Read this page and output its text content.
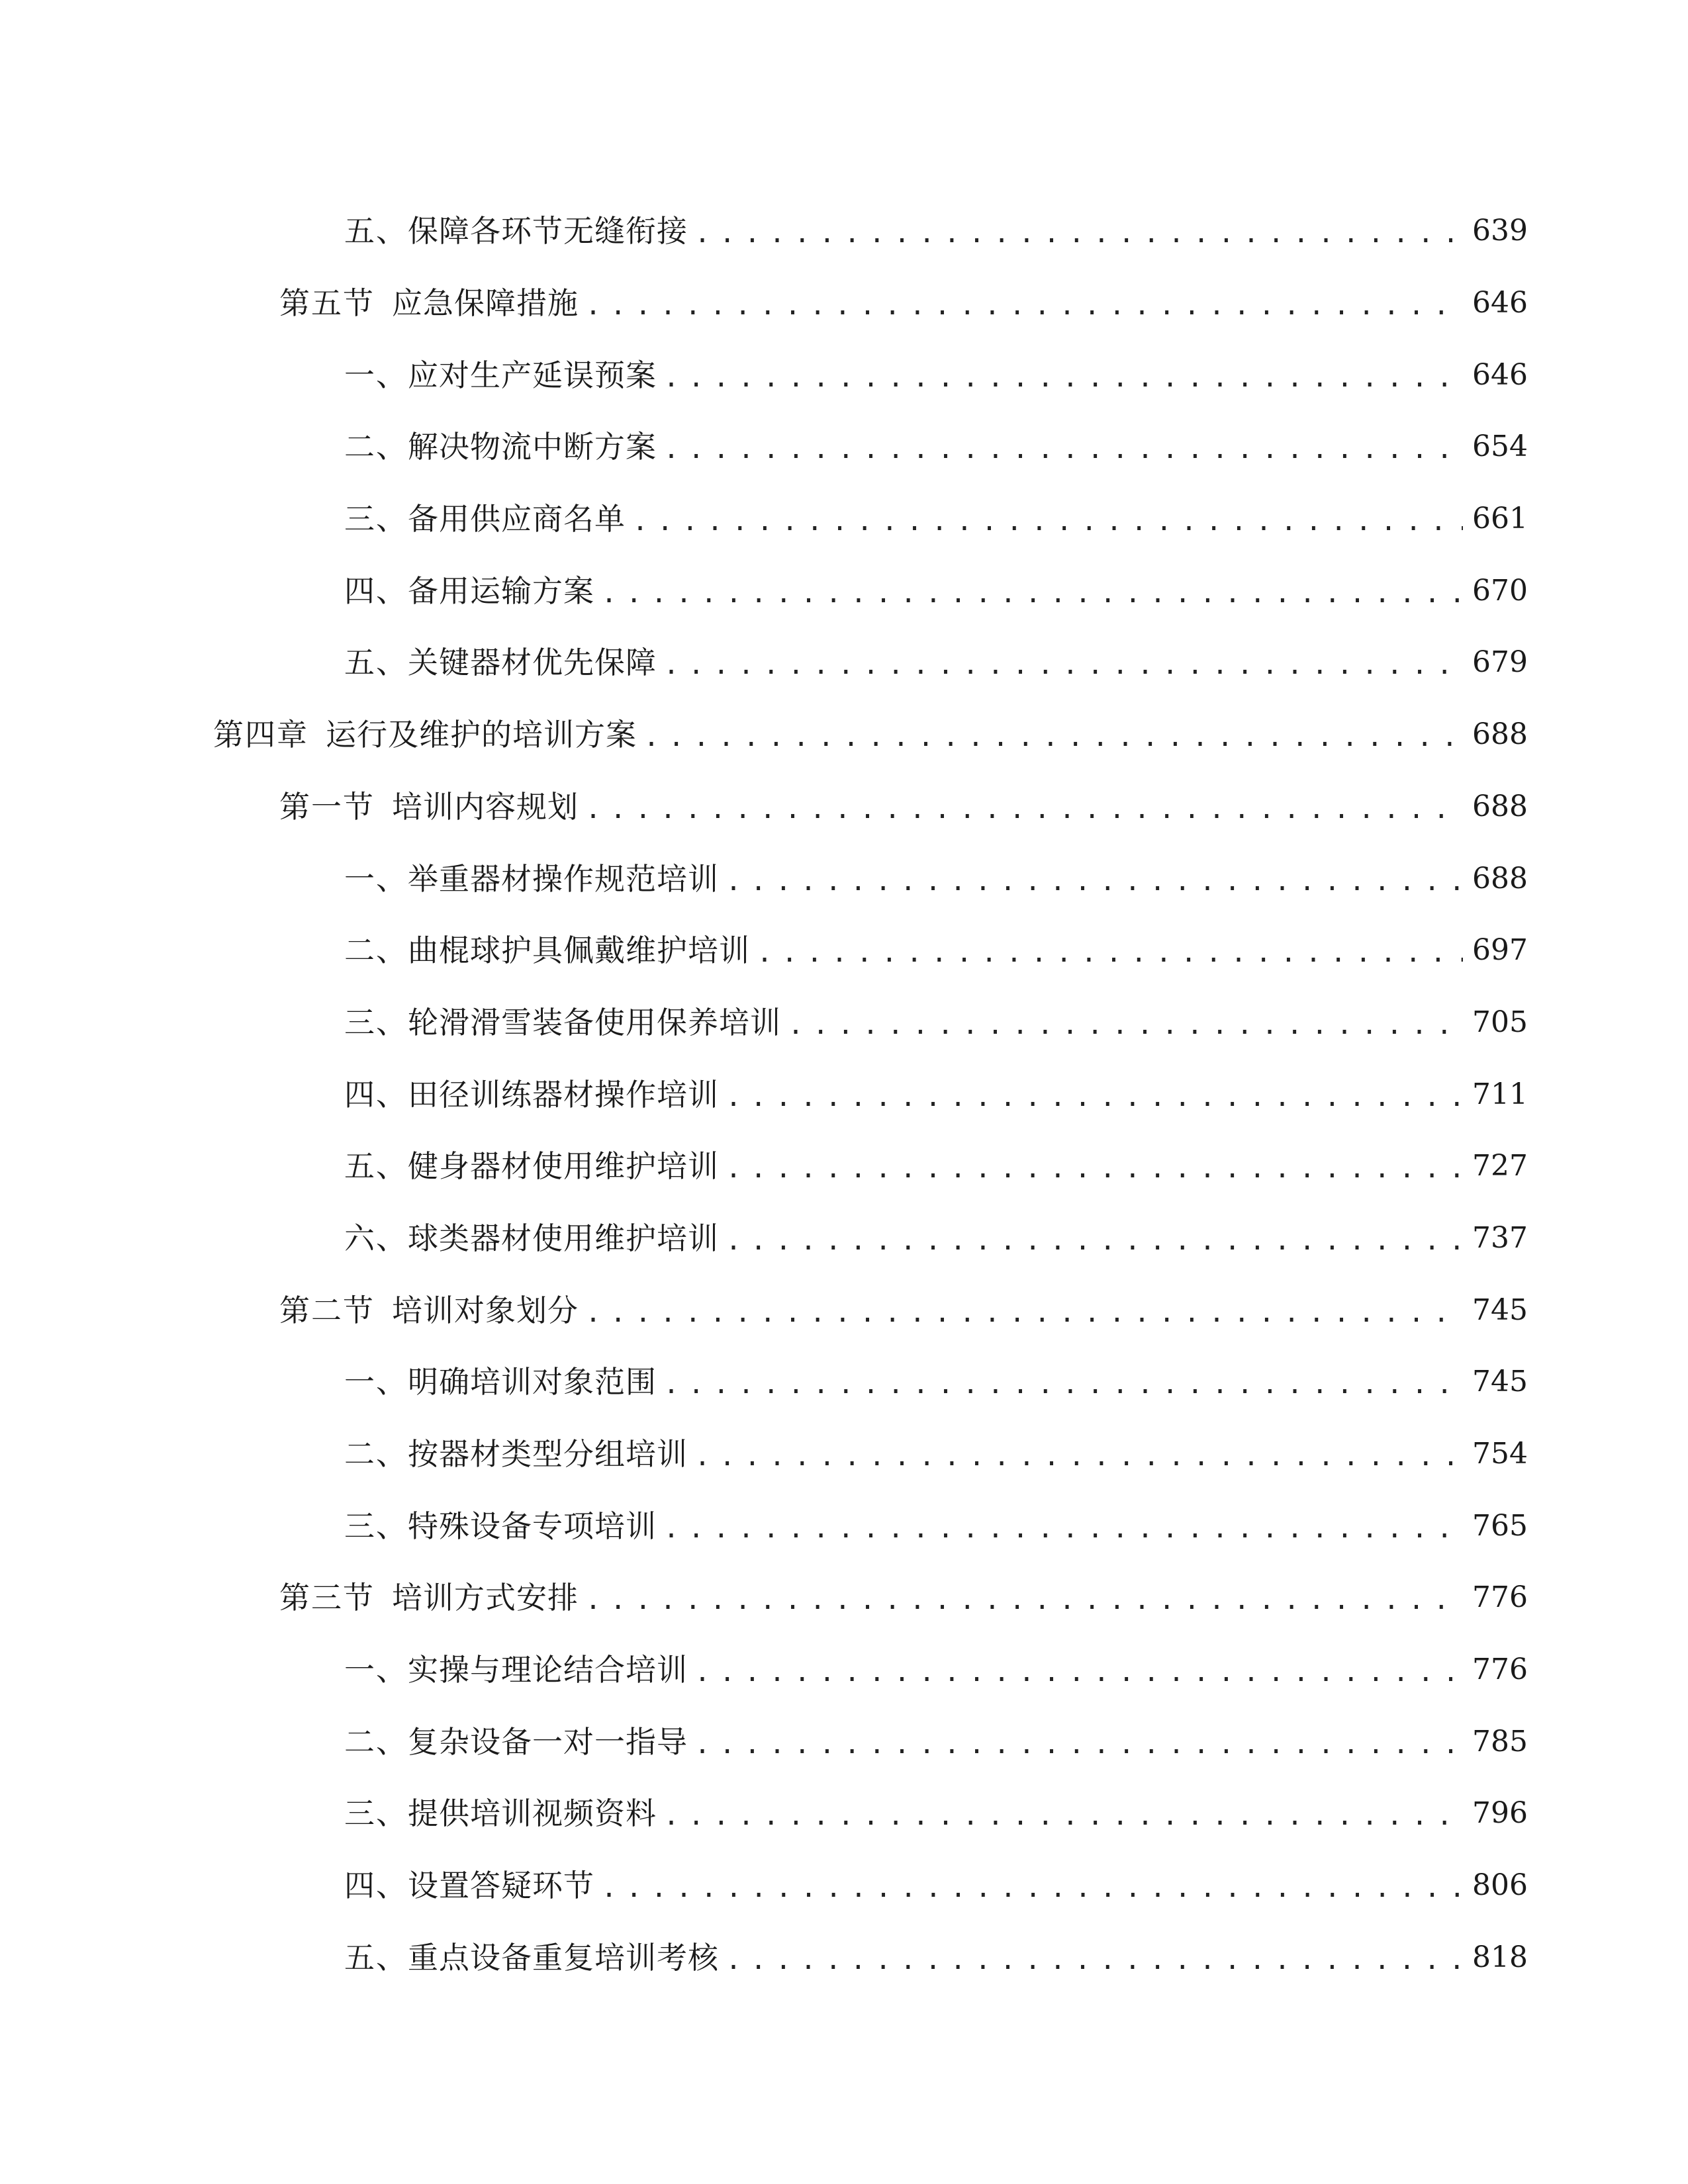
五、 保障各环节无缝衔接 .....	639
第五节 应急保障措施 .....	646
一、 应对生产延误预案 .....	646
二、 解决物流中断方案 .....	654
三、 备用供应商名单 .....	661
四、 备用运输方案 .....	670
五、 关键器材优先保障 .....	679
第四章 运行及维护的培训方案 .....	688
第一节 培训内容规划 .....	688
一、 举重器材操作规范培训 .....	688
二、 曲棍球护具佩戴维护培训 .....	697
三、 轮滑滑雪装备使用保养培训 .....	705
四、 田径训练器材操作培训 .....	711
五、 健身器材使用维护培训 .....	727
六、 球类器材使用维护培训 .....	737
第二节 培训对象划分 .....	745
一、 明确培训对象范围 .....	745
二、 按器材类型分组培训 .....	754
三、 特殊设备专项培训 .....	765
第三节 培训方式安排 .....	776
一、 实操与理论结合培训 .....	776
二、 复杂设备一对一指导 .....	785
三、 提供培训视频资料 .....	796
四、 设置答疑环节 .....	806
五、 重点设备重复培训考核 .....	818
